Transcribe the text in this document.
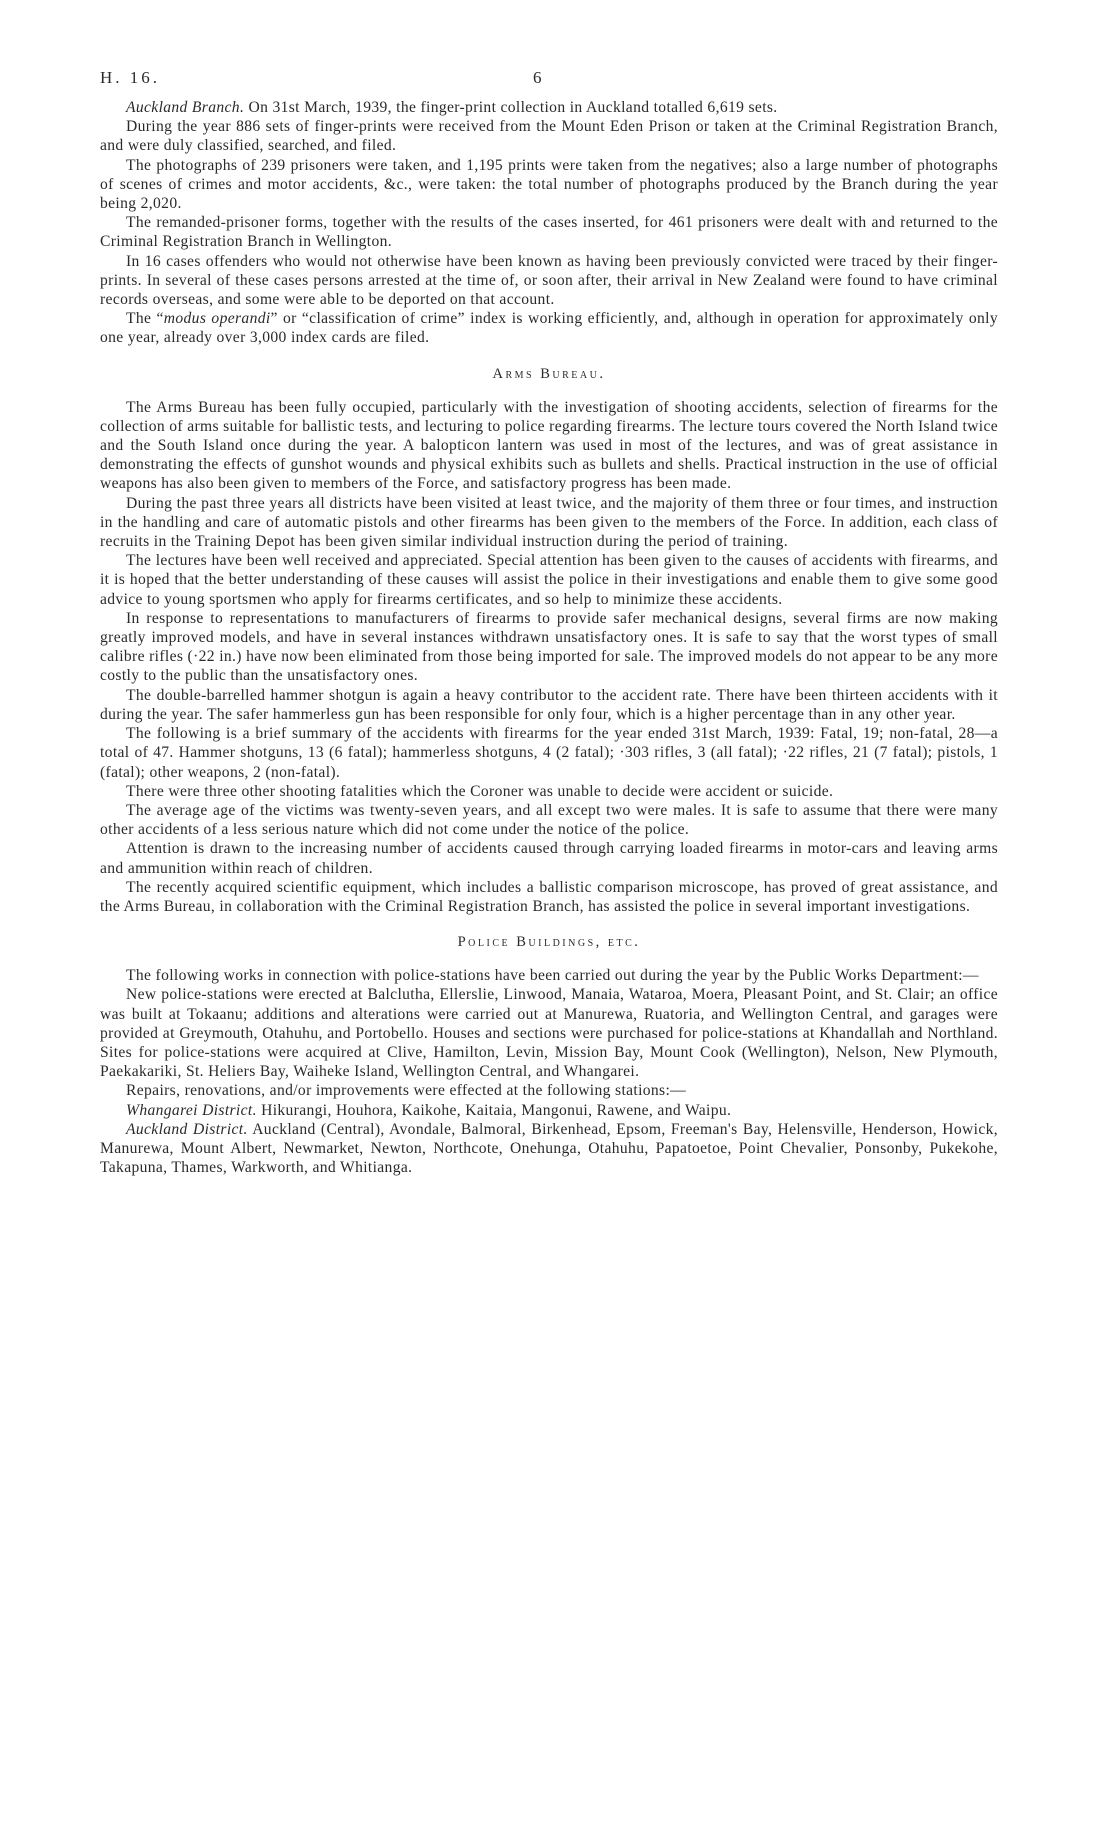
H. 16.	6

Auckland Branch. On 31st March, 1939, the finger-print collection in Auckland totalled 6,619 sets.

During the year 886 sets of finger-prints were received from the Mount Eden Prison or taken at the Criminal Registration Branch, and were duly classified, searched, and filed.

The photographs of 239 prisoners were taken, and 1,195 prints were taken from the negatives; also a large number of photographs of scenes of crimes and motor accidents, &c., were taken: the total number of photographs produced by the Branch during the year being 2,020.

The remanded-prisoner forms, together with the results of the cases inserted, for 461 prisoners were dealt with and returned to the Criminal Registration Branch in Wellington.

In 16 cases offenders who would not otherwise have been known as having been previously convicted were traced by their finger-prints. In several of these cases persons arrested at the time of, or soon after, their arrival in New Zealand were found to have criminal records overseas, and some were able to be deported on that account.

The “modus operandi” or “classification of crime” index is working efficiently, and, although in operation for approximately only one year, already over 3,000 index cards are filed.

Arms Bureau.

The Arms Bureau has been fully occupied, particularly with the investigation of shooting accidents, selection of firearms for the collection of arms suitable for ballistic tests, and lecturing to police regarding firearms. The lecture tours covered the North Island twice and the South Island once during the year. A balopticon lantern was used in most of the lectures, and was of great assistance in demonstrating the effects of gunshot wounds and physical exhibits such as bullets and shells. Practical instruction in the use of official weapons has also been given to members of the Force, and satisfactory progress has been made.

During the past three years all districts have been visited at least twice, and the majority of them three or four times, and instruction in the handling and care of automatic pistols and other firearms has been given to the members of the Force. In addition, each class of recruits in the Training Depot has been given similar individual instruction during the period of training.

The lectures have been well received and appreciated. Special attention has been given to the causes of accidents with firearms, and it is hoped that the better understanding of these causes will assist the police in their investigations and enable them to give some good advice to young sportsmen who apply for firearms certificates, and so help to minimize these accidents.

In response to representations to manufacturers of firearms to provide safer mechanical designs, several firms are now making greatly improved models, and have in several instances withdrawn unsatisfactory ones. It is safe to say that the worst types of small calibre rifles (·22 in.) have now been eliminated from those being imported for sale. The improved models do not appear to be any more costly to the public than the unsatisfactory ones.

The double-barrelled hammer shotgun is again a heavy contributor to the accident rate. There have been thirteen accidents with it during the year. The safer hammerless gun has been responsible for only four, which is a higher percentage than in any other year.

The following is a brief summary of the accidents with firearms for the year ended 31st March, 1939: Fatal, 19; non-fatal, 28—a total of 47. Hammer shotguns, 13 (6 fatal); hammerless shotguns, 4 (2 fatal); ·303 rifles, 3 (all fatal); ·22 rifles, 21 (7 fatal); pistols, 1 (fatal); other weapons, 2 (non-fatal).

There were three other shooting fatalities which the Coroner was unable to decide were accident or suicide.

The average age of the victims was twenty-seven years, and all except two were males. It is safe to assume that there were many other accidents of a less serious nature which did not come under the notice of the police.

Attention is drawn to the increasing number of accidents caused through carrying loaded firearms in motor-cars and leaving arms and ammunition within reach of children.

The recently acquired scientific equipment, which includes a ballistic comparison microscope, has proved of great assistance, and the Arms Bureau, in collaboration with the Criminal Registration Branch, has assisted the police in several important investigations.

Police Buildings, etc.

The following works in connection with police-stations have been carried out during the year by the Public Works Department:—

New police-stations were erected at Balclutha, Ellerslie, Linwood, Manaia, Wataroa, Moera, Pleasant Point, and St. Clair; an office was built at Tokaanu; additions and alterations were carried out at Manurewa, Ruatoria, and Wellington Central, and garages were provided at Greymouth, Otahuhu, and Portobello. Houses and sections were purchased for police-stations at Khandallah and Northland. Sites for police-stations were acquired at Clive, Hamilton, Levin, Mission Bay, Mount Cook (Wellington), Nelson, New Plymouth, Paekakariki, St. Heliers Bay, Waiheke Island, Wellington Central, and Whangarei.

Repairs, renovations, and/or improvements were effected at the following stations:—

Whangarei District. Hikurangi, Houhora, Kaikohe, Kaitaia, Mangonui, Rawene, and Waipu.

Auckland District. Auckland (Central), Avondale, Balmoral, Birkenhead, Epsom, Freeman's Bay, Helensville, Henderson, Howick, Manurewa, Mount Albert, Newmarket, Newton, Northcote, Onehunga, Otahuhu, Papatoetoe, Point Chevalier, Ponsonby, Pukekohe, Takapuna, Thames, Warkworth, and Whitianga.
